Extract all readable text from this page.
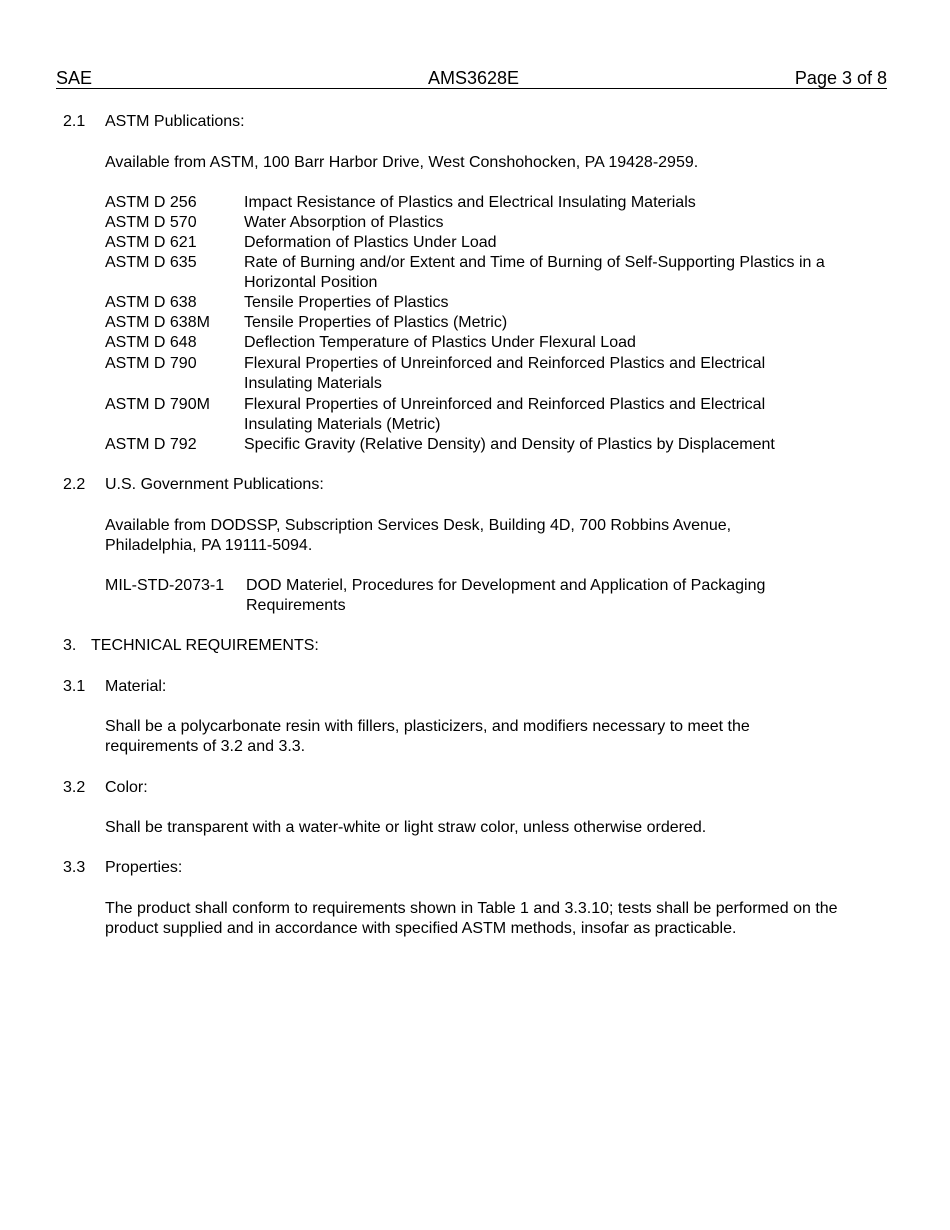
SAE	AMS3628E	Page 3 of 8
2.1 ASTM Publications:
Available from ASTM, 100 Barr Harbor Drive, West Conshohocken, PA 19428-2959.
ASTM D 256	Impact Resistance of Plastics and Electrical Insulating Materials
ASTM D 570	Water Absorption of Plastics
ASTM D 621	Deformation of Plastics Under Load
ASTM D 635	Rate of Burning and/or Extent and Time of Burning of Self-Supporting Plastics in a Horizontal Position
ASTM D 638	Tensile Properties of Plastics
ASTM D 638M Tensile Properties of Plastics (Metric)
ASTM D 648	Deflection Temperature of Plastics Under Flexural Load
ASTM D 790	Flexural Properties of Unreinforced and Reinforced Plastics and Electrical Insulating Materials
ASTM D 790M Flexural Properties of Unreinforced and Reinforced Plastics and Electrical Insulating Materials (Metric)
ASTM D 792	Specific Gravity (Relative Density) and Density of Plastics by Displacement
2.2 U.S. Government Publications:
Available from DODSSP, Subscription Services Desk, Building 4D, 700 Robbins Avenue, Philadelphia, PA 19111-5094.
MIL-STD-2073-1 DOD Materiel, Procedures for Development and Application of Packaging Requirements
3. TECHNICAL REQUIREMENTS:
3.1 Material:
Shall be a polycarbonate resin with fillers, plasticizers, and modifiers necessary to meet the requirements of 3.2 and 3.3.
3.2 Color:
Shall be transparent with a water-white or light straw color, unless otherwise ordered.
3.3 Properties:
The product shall conform to requirements shown in Table 1 and 3.3.10; tests shall be performed on the product supplied and in accordance with specified ASTM methods, insofar as practicable.
